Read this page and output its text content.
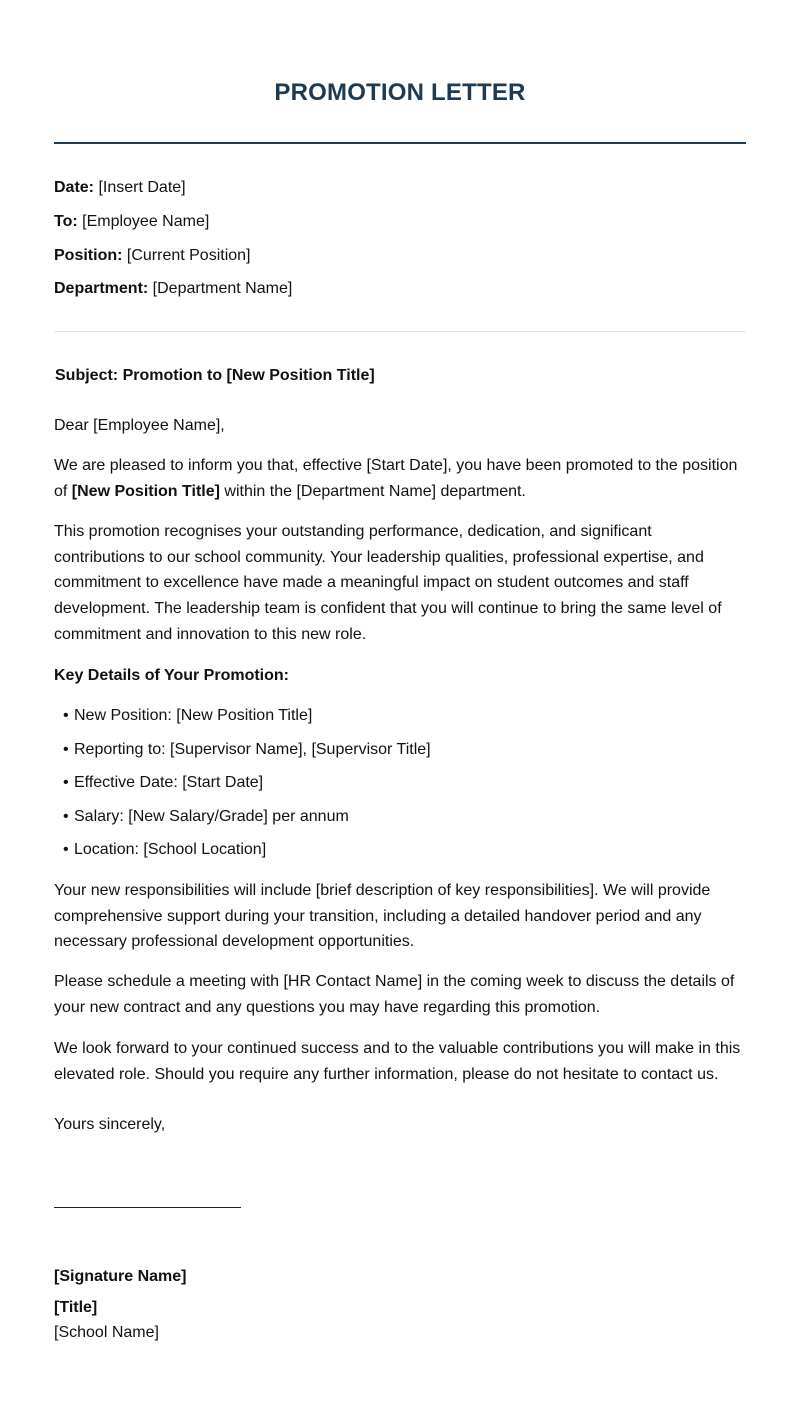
PROMOTION LETTER

Date: [Insert Date]

To: [Employee Name]

Position: [Current Position]

Department: [Department Name]

Subject: Promotion to [New Position Title]

Dear [Employee Name],

We are pleased to inform you that, effective [Start Date], you have been promoted to the position of [New Position Title] within the [Department Name] department.

This promotion recognises your outstanding performance, dedication, and significant contributions to our school community. Your leadership qualities, professional expertise, and commitment to excellence have made a meaningful impact on student outcomes and staff development. The leadership team is confident that you will continue to bring the same level of commitment and innovation to this new role.

Key Details of Your Promotion:

• New Position: [New Position Title]
• Reporting to: [Supervisor Name], [Supervisor Title]
• Effective Date: [Start Date]
• Salary: [New Salary/Grade] per annum
• Location: [School Location]

Your new responsibilities will include [brief description of key responsibilities]. We will provide comprehensive support during your transition, including a detailed handover period and any necessary professional development opportunities.

Please schedule a meeting with [HR Contact Name] in the coming week to discuss the details of your new contract and any questions you may have regarding this promotion.

We look forward to your continued success and to the valuable contributions you will make in this elevated role. Should you require any further information, please do not hesitate to contact us.

Yours sincerely,

[Signature Name]

[Title]

[School Name]
